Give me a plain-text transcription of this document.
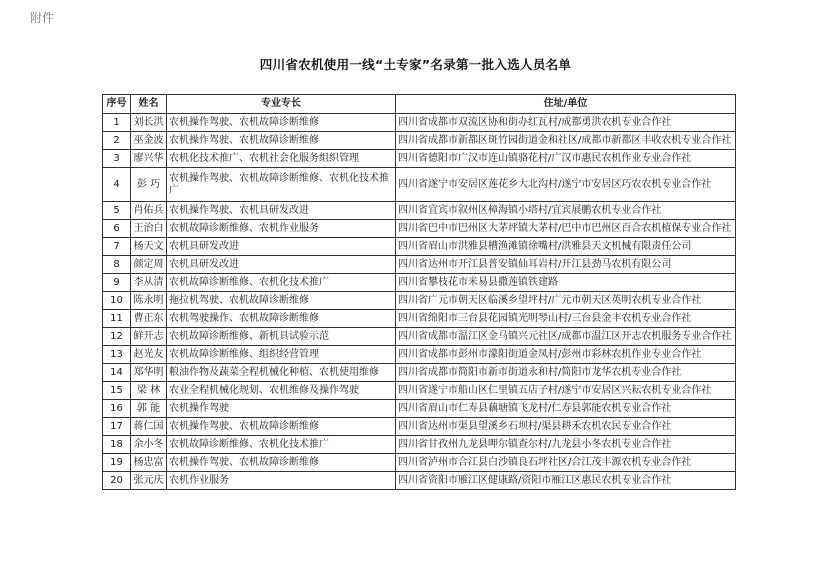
附件
四川省农机使用一线“土专家”名录第一批入选人员名单
序号	姓名	专业专长	住址/单位
1	刘长洪	农机操作驾驶、农机故障诊断维修	四川省成都市双流区协和街办红瓦村/成都勇洪农机专业合作社
2	巫金波	农机操作驾驶、农机故障诊断维修	四川省成都市新都区斑竹园街道金和社区/成都市新都区丰收农机专业合作社
3	廖兴华	农机化技术推广、农机社会化服务组织管理	四川省德阳市广汉市连山镇骆花村/广汉市惠民农机作业专业合作社
4	彭 巧	农机操作驾驶、农机故障诊断维修、农机化技术推广	四川省遂宁市安居区莲花乡大北沟村/遂宁市安居区巧农农机专业合作社
5	肖佑兵	农机操作驾驶、农机具研发改进	四川省宜宾市叙州区樟海镇小塔村/宜宾展鹏农机专业合作社
6	王治白	农机故障诊断维修、农机作业服务	四川省巴中市巴州区大茅坪镇大茅村/巴中市巴州区百合农机植保专业合作社
7	杨天文	农机具研发改进	四川省眉山市洪雅县槽渔滩镇徐嘴村/洪雅县天文机械有限责任公司
8	颜定周	农机具研发改进	四川省达州市开江县普安镇仙耳岩村/开江县劲马农机有限公司
9	李从清	农机故障诊断维修、农机化技术推广	四川省攀枝花市米易县撒莲镇铁建路
10	陈永明	拖拉机驾驶、农机故障诊断维修	四川省广元市朝天区临溪乡望坪村/广元市朝天区英明农机专业合作社
11	曹正东	农机驾驶操作、农机故障诊断维修	四川省绵阳市三台县花园镇光明琴山村/三台县金丰农机专业合作社
12	鲜开志	农机故障诊断维修、新机具试验示范	四川省成都市温江区金马镇兴元社区/成都市温江区开志农机服务专业合作社
13	赵光友	农机故障诊断维修、组织经营管理	四川省成都市彭州市濛阳街道金凤村/彭州市彩林农机作业专业合作社
14	郑华明	粮油作物及蔬菜全程机械化种植、农机使用维修	四川省成都市简阳市新市街道永和村/简阳市龙华农机专业合作社
15	梁 林	农业全程机械化规划、农机维修及操作驾驶	四川省遂宁市船山区仁里镇五店子村/遂宁市安居区兴耘农机专业合作社
16	郭 能	农机操作驾驶	四川省眉山市仁寿县藕塘镇飞龙村/仁寿县郭能农机专业合作社
17	蒋仁国	农机操作驾驶、农机故障诊断维修	四川省达州市渠县望溪乡石坝村/渠县耕禾农机农民专业合作社
18	余小冬	农机故障诊断维修、农机化技术推广	四川省甘孜州九龙县呷尔镇查尔村/九龙县小冬农机专业合作社
19	杨忠富	农机操作驾驶、农机故障诊断维修	四川省泸州市合江县白沙镇良石坪社区/合江茂丰源农机专业合作社
20	张元庆	农机作业服务	四川省资阳市雁江区健康路/资阳市雁江区惠民农机专业合作社
